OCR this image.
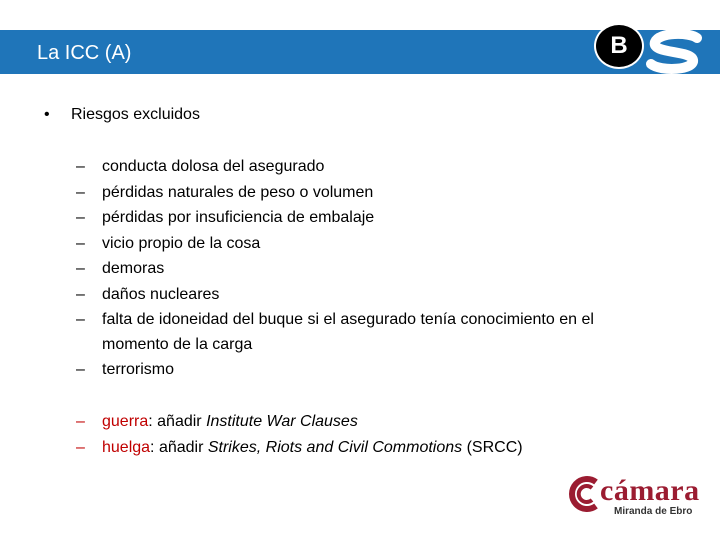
La ICC (A)	B
• Riesgos excluidos
– conducta dolosa del asegurado
– pérdidas naturales de peso o volumen
– pérdidas por insuficiencia de embalaje
– vicio propio de la cosa
– demoras
– daños nucleares
– falta de idoneidad del buque si el asegurado tenía conocimiento en el momento de la carga
– terrorismo
– guerra: añadir Institute War Clauses
– huelga: añadir Strikes, Riots and Civil Commotions (SRCC)
cámara
Miranda de Ebro
